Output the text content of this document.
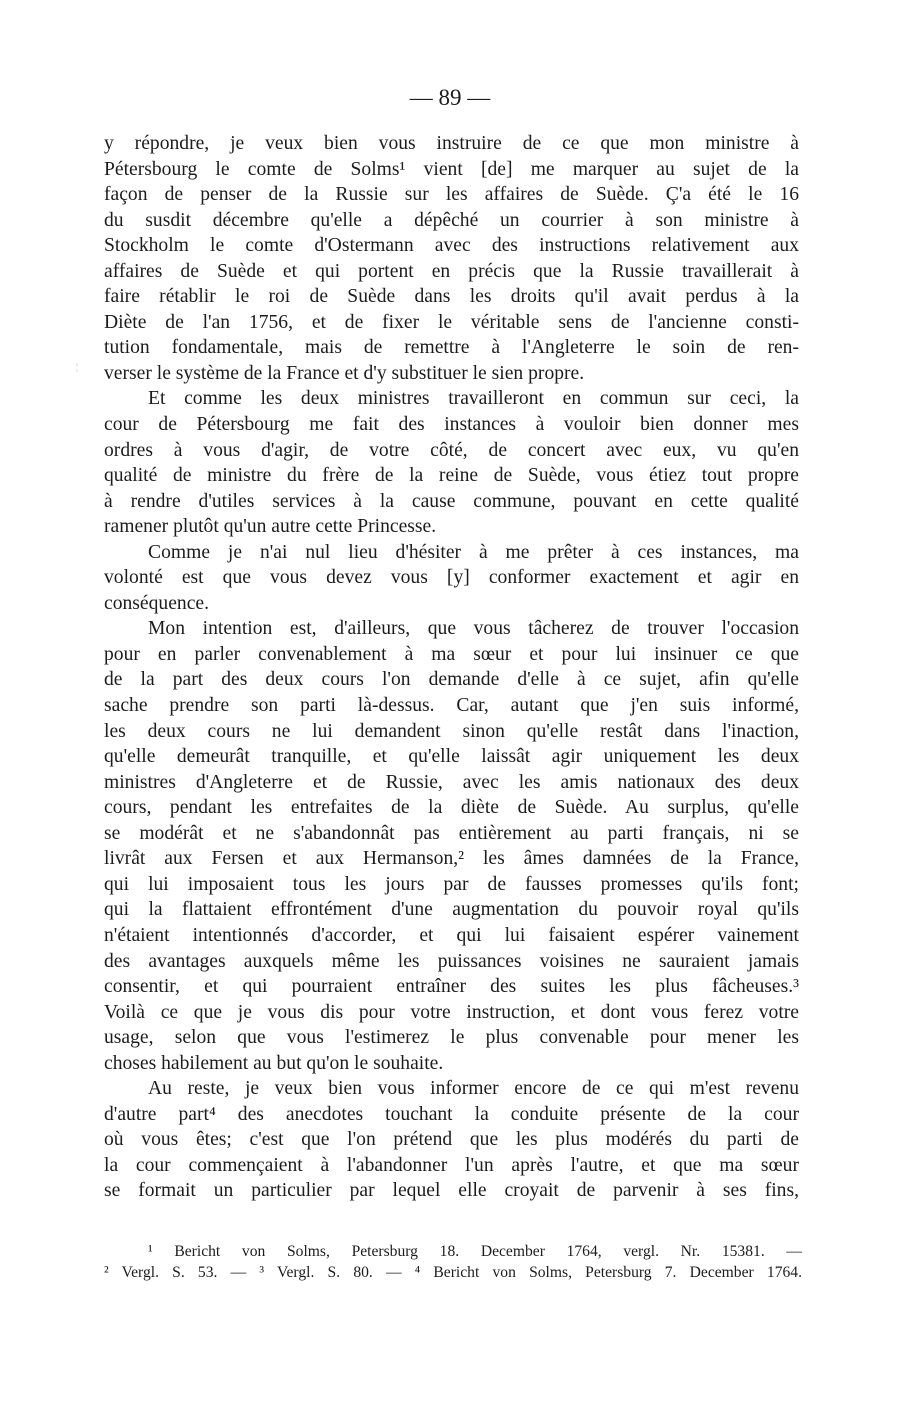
— 89 —
¦
y répondre, je veux bien vous instruire de ce que mon ministre à
Pétersbourg le comte de Solms¹ vient [de] me marquer au sujet de la
façon de penser de la Russie sur les affaires de Suède. Ç'a été le 16
du susdit décembre qu'elle a dépêché un courrier à son ministre à
Stockholm le comte d'Ostermann avec des instructions relativement aux
affaires de Suède et qui portent en précis que la Russie travaillerait à
faire rétablir le roi de Suède dans les droits qu'il avait perdus à la
Diète de l'an 1756, et de fixer le véritable sens de l'ancienne consti-
tution fondamentale, mais de remettre à l'Angleterre le soin de ren-
verser le système de la France et d'y substituer le sien propre.
Et comme les deux ministres travailleront en commun sur ceci, la
cour de Pétersbourg me fait des instances à vouloir bien donner mes
ordres à vous d'agir, de votre côté, de concert avec eux, vu qu'en
qualité de ministre du frère de la reine de Suède, vous étiez tout propre
à rendre d'utiles services à la cause commune, pouvant en cette qualité
ramener plutôt qu'un autre cette Princesse.
Comme je n'ai nul lieu d'hésiter à me prêter à ces instances, ma
volonté est que vous devez vous [y] conformer exactement et agir en
conséquence.
Mon intention est, d'ailleurs, que vous tâcherez de trouver l'occasion
pour en parler convenablement à ma sœur et pour lui insinuer ce que
de la part des deux cours l'on demande d'elle à ce sujet, afin qu'elle
sache prendre son parti là-dessus. Car, autant que j'en suis informé,
les deux cours ne lui demandent sinon qu'elle restât dans l'inaction,
qu'elle demeurât tranquille, et qu'elle laissât agir uniquement les deux
ministres d'Angleterre et de Russie, avec les amis nationaux des deux
cours, pendant les entrefaites de la diète de Suède. Au surplus, qu'elle
se modérât et ne s'abandonnât pas entièrement au parti français, ni se
livrât aux Fersen et aux Hermanson,² les âmes damnées de la France,
qui lui imposaient tous les jours par de fausses promesses qu'ils font;
qui la flattaient effrontément d'une augmentation du pouvoir royal qu'ils
n'étaient intentionnés d'accorder, et qui lui faisaient espérer vainement
des avantages auxquels même les puissances voisines ne sauraient jamais
consentir, et qui pourraient entraîner des suites les plus fâcheuses.³
Voilà ce que je vous dis pour votre instruction, et dont vous ferez votre
usage, selon que vous l'estimerez le plus convenable pour mener les
choses habilement au but qu'on le souhaite.
Au reste, je veux bien vous informer encore de ce qui m'est revenu
d'autre part⁴ des anecdotes touchant la conduite présente de la cour
où vous êtes; c'est que l'on prétend que les plus modérés du parti de
la cour commençaient à l'abandonner l'un après l'autre, et que ma sœur
se formait un particulier par lequel elle croyait de parvenir à ses fins,
¹ Bericht von Solms, Petersburg 18. December 1764, vergl. Nr. 15381. —
² Vergl. S. 53. — ³ Vergl. S. 80. — ⁴ Bericht von Solms, Petersburg 7. December 1764.
